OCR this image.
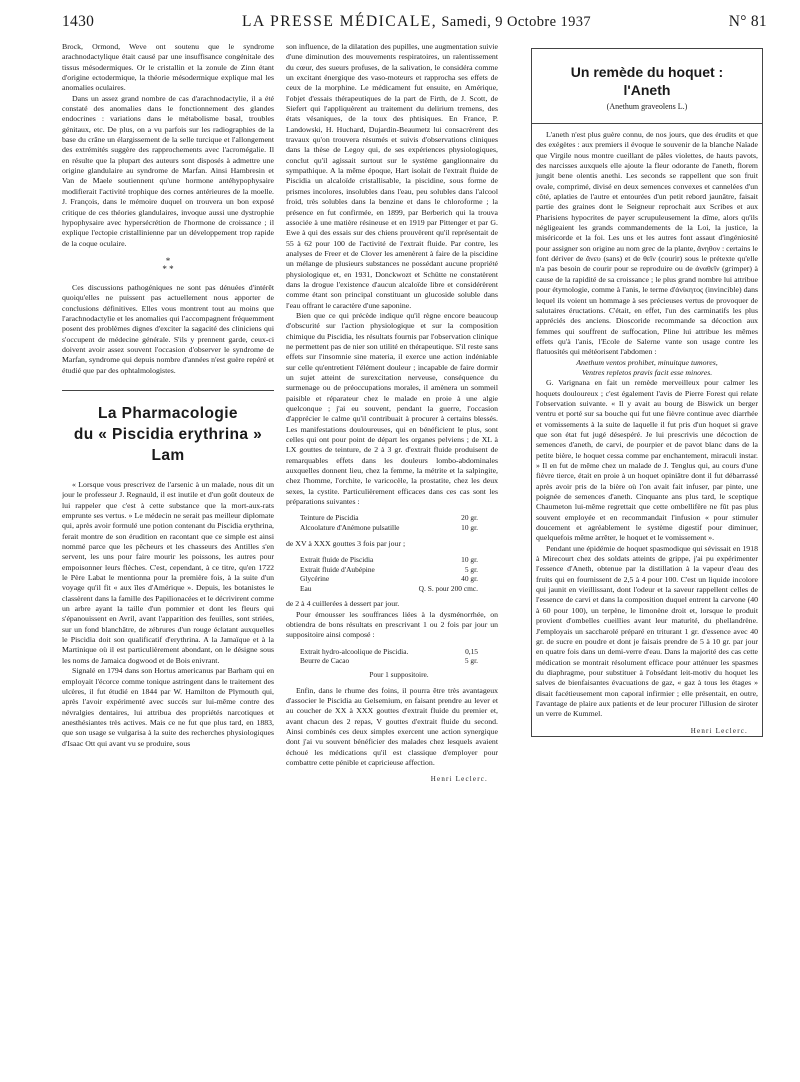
1430	LA PRESSE MÉDICALE, Samedi, 9 Octobre 1937	N° 81

Brock, Ormond, Weve ont soutenu que le syndrome arachnodactylique était causé par une insuffisance congénitale des tissus mésodermiques. Or le cristallin et la zonule de Zinn étant d'origine ectodermique, la théorie mésodermique explique mal les anomalies oculaires.

Dans un assez grand nombre de cas d'arachnodactylie, il a été constaté des anomalies dans le fonctionnement des glandes endocrines : variations dans le métabolisme basal, troubles génitaux, etc. De plus, on a vu parfois sur les radiographies de la base du crâne un élargissement de la selle turcique et l'allongement des extrémités suggère des rapprochements avec l'acromégalie. Il en résulte que la plupart des auteurs sont disposés à admettre une origine glandulaire au syndrome de Marfan. Ainsi Hambresin et Van de Maele soutiennent qu'une hormone antéhypophysaire modifierait l'activité trophique des cornes antérieures de la moelle. J. François, dans le mémoire duquel on trouvera un bon exposé critique de ces théories glandulaires, invoque aussi une dystrophie hypophysaire avec hypersécrétion de l'hormone de croissance ; il explique l'ectopie cristallinienne par un développement trop rapide de la coque oculaire.

*
* *

Ces discussions pathogéniques ne sont pas dénuées d'intérêt quoiqu'elles ne puissent pas actuellement nous apporter de conclusions définitives. Elles vous montrent tout au moins que l'arachnodactylie et les anomalies qui l'accompagnent fréquemment posent des problèmes dignes d'exciter la sagacité des cliniciens qui s'occupent de médecine générale. S'ils y prennent garde, ceux-ci doivent avoir assez souvent l'occasion d'observer le syndrome de Marfan, syndrome qui depuis nombre d'années n'est guère repéré et étudié que par des ophtalmologistes.

La Pharmacologie
du « Piscidia erythrina » Lam

« Lorsque vous prescrivez de l'arsenic à un malade, nous dit un jour le professeur J. Regnauld, il est inutile et d'un goût douteux de lui rappeler que c'est à cette substance que la mort-aux-rats emprunte ses vertus. » Le médecin ne serait pas meilleur diplomate qui, après avoir formulé une potion contenant du Piscidia erythrina, ferait montre de son érudition en racontant que ce simple est ainsi nommé parce que les pêcheurs et les chasseurs des Antilles s'en servent, les uns pour faire mourir les poissons, les autres pour empoisonner leurs flèches. C'est, cependant, à ce titre, qu'en 1722 le Père Labat le mentionna pour la première fois, à la suite d'un voyage qu'il fit « aux îles d'Amérique ». Depuis, les botanistes le classèrent dans la famille des Papilionacées et le décrivirent comme un arbre ayant la taille d'un pommier et dont les fleurs qui s'épanouissent en Avril, avant l'apparition des feuilles, sont striées, sur un fond blanchâtre, de zébrures d'un rouge éclatant auxquelles le Piscidia doit son qualificatif d'erythrina. A la Jamaïque et à la Martinique où il est particulièrement abondant, on le désigne sous les noms de Jamaica dogwood et de Bois enivrant.

Signalé en 1794 dans son Hortus americanus par Barham qui en employait l'écorce comme tonique astringent dans le traitement des ulcères, il fut étudié en 1844 par W. Hamilton de Plymouth qui, après l'avoir expérimenté avec succès sur lui-même contre des névralgies dentaires, lui attribua des propriétés narcotiques et anesthésiantes très actives. Mais ce ne fut que plus tard, en 1883, que son usage se vulgarisa à la suite des recherches physiologiques d'Isaac Ott qui avant vu se produire, sous

son influence, de la dilatation des pupilles, une augmentation suivie d'une diminution des mouvements respiratoires, un ralentissement du cœur, des sueurs profuses, de la salivation, le considéra comme un excitant énergique des vaso-moteurs et rapprocha ses effets de ceux de la morphine. Le médicament fut ensuite, en Amérique, l'objet d'essais thérapeutiques de la part de Firth, de J. Scott, de Siefert qui l'appliquèrent au traitement du delirium tremens, des états vésaniques, de la toux des phtisiques. En France, P. Landowski, H. Huchard, Dujardin-Beaumetz lui consacrèrent des travaux qu'on trouvera résumés et suivis d'observations cliniques dans la thèse de Legoy qui, de ses expériences physiologiques, conclut qu'il agissait surtout sur le système ganglionnaire du sympathique. A la même époque, Hart isolait de l'extrait fluide de Piscidia un alcaloïde cristallisable, la piscidine, sous forme de prismes incolores, insolubles dans l'eau, peu solubles dans l'alcool froid, très solubles dans la benzine et dans le chloroforme ; la présence en fut confirmée, en 1899, par Berberich qui la trouva associée à une matière résineuse et en 1919 par Pittenger et par G. Ewe à qui des essais sur des chiens prouvèrent qu'il représentait de 55 à 62 pour 100 de l'activité de l'extrait fluide. Par contre, les analyses de Freer et de Clover les amenèrent à faire de la piscidine un mélange de plusieurs substances ne possédant aucune propriété physiologique et, en 1931, Donckwozt et Schütte ne constatèrent dans la drogue l'existence d'aucun alcaloïde libre et considérèrent comme étant son principal constituant un glucoside soluble dans l'eau offrant le caractère d'une saponine.

Bien que ce qui précède indique qu'il règne encore beaucoup d'obscurité sur l'action physiologique et sur la composition chimique du Piscidia, les résultats fournis par l'observation clinique ne permettent pas de nier son utilité en thérapeutique. S'il reste sans effets sur l'insomnie sine materia, il exerce une action indéniable sur celle qu'entretient l'élément douleur ; incapable de faire dormir un sujet atteint de surexcitation nerveuse, conséquence du surmenage ou de préoccupations morales, il amènera un sommeil paisible et réparateur chez le malade en proie à une algie quelconque ; j'ai eu souvent, pendant la guerre, l'occasion d'apprécier le calme qu'il contribuait à procurer à certains blessés. Les manifestations douloureuses, qui en bénéficient le plus, sont celles qui ont pour point de départ les organes pelviens ; de XL à LX gouttes de teinture, de 2 à 3 gr. d'extrait fluide produisent de remarquables effets dans les douleurs lombo-abdominales auxquelles donnent lieu, chez la femme, la métrite et la salpingite, chez l'homme, l'orchite, le varicocèle, la prostatite, chez les deux sexes, la cystite. Particulièrement efficaces dans ces cas sont les préparations suivantes :

Teinture de Piscidia	20 gr.
Alcoolature d'Anémone pulsatille	10 gr.

de XV à XXX gouttes 3 fois par jour ;

Extrait fluide de Piscidia	10 gr.
Extrait fluide d'Aubépine	5 gr.
Glycérine	40 gr.
Eau	Q. S. pour 200 cmc.

de 2 à 4 cuillerées à dessert par jour.

Pour émousser les souffrances liées à la dysménorrhée, on obtiendra de bons résultats en prescrivant 1 ou 2 fois par jour un suppositoire ainsi composé :

Extrait hydro-alcoolique de Piscidia.	0,15
Beurre de Cacao	5 gr.
Pour 1 suppositoire.

Enfin, dans le rhume des foins, il pourra être très avantageux d'associer le Piscidia au Gelsemium, en faisant prendre au lever et au coucher de XX à XXX gouttes d'extrait fluide du premier et, avant chacun des 2 repas, V gouttes d'extrait fluide du second. Ainsi combinés ces deux simples exercent une action synergique dont j'ai vu souvent bénéficier des malades chez lesquels avaient échoué les médications qu'il est classique d'employer pour combattre cette pénible et capricieuse affection.

Henri Leclerc.
Un remède du hoquet :
l'Aneth
(Anethum graveolens L.)

L'aneth n'est plus guère connu, de nos jours, que des érudits et que des exégètes : aux premiers il évoque le souvenir de la blanche Naïade que Virgile nous montre cueillant de pâles violettes, de hauts pavots, des narcisses auxquels elle ajoute la fleur odorante de l'aneth, florem jungit bene olentis anethi. Les seconds se rappellent que son fruit ovale, comprimé, divisé en deux semences convexes et cannelées d'un côté, aplaties de l'autre et entourées d'un petit rebord jaunâtre, faisait partie des graines dont le Seigneur reprochait aux Scribes et aux Pharisiens hypocrites de payer scrupuleusement la dîme, alors qu'ils négligeaient les grands commandements de la Loi, la justice, la miséricorde et la foi. Les uns et les autres font assaut d'ingéniosité pour assigner son origine au nom grec de la plante, ἄνηθον : certains le font dériver de ἄνευ (sans) et de θεῖν (courir) sous le prétexte qu'elle n'a pas besoin de courir pour se reproduire ou de ἀναθεῖν (grimper) à cause de la rapidité de sa croissance ; le plus grand nombre lui attribue pour étymologie, comme à l'anis, le terme d'ἀνίκητος (invincible) dans lequel ils voient un hommage à ses précieuses vertus de provoquer de salutaires éructations. C'était, en effet, l'un des carminatifs les plus appréciés des anciens. Dioscoride recommande sa décoction aux femmes qui souffrent de suffocation, Pline lui attribue les mêmes effets qu'à l'anis, l'Ecole de Salerne vante son usage contre les flatuosités qui météorisent l'abdomen :

Anethum ventos prohibet, minuitque tumores,

Ventres repletos pravis facit esse minores.

G. Varignana en fait un remède merveilleux pour calmer les hoquets douloureux ; c'est également l'avis de Pierre Forest qui relate l'observation suivante. « Il y avait au bourg de Biswick un berger ventru et porté sur sa bouche qui fut une fièvre continue avec diarrhée et vomissements à la suite de laquelle il fut pris d'un hoquet si grave que son état fut jugé désespéré. Je lui prescrivis une décoction de semences d'aneth, de carvi, de pourpier et de pavot blanc dans de la petite bière, le hoquet cessa comme par enchantement, miraculi instar. » Il en fut de même chez un malade de J. Tenglus qui, au cours d'une fièvre tierce, était en proie à un hoquet opiniâtre dont il fut débarrassé après avoir pris de la bière où l'on avait fait infuser, par pinte, une poignée de semences d'aneth. Cinquante ans plus tard, le sceptique Chaumeton lui-même regrettait que cette ombellifère ne fût pas plus souvent employée et en recommandait l'infusion « pour stimuler doucement et agréablement le système digestif pour diminuer, quelquefois même arrêter, le hoquet et le vomissement ».

Pendant une épidémie de hoquet spasmodique qui sévissait en 1918 à Mirecourt chez des soldats atteints de grippe, j'ai pu expérimenter l'essence d'Aneth, obtenue par la distillation à la vapeur d'eau des fruits qui en fournissent de 2,5 à 4 pour 100. C'est un liquide incolore qui jaunit en vieillissant, dont l'odeur et la saveur rappellent celles de l'essence de carvi et dans la composition duquel entrent la carvone (40 à 60 pour 100), un terpène, le limonène droit et, lorsque le produit provient d'ombelles cueillies avant leur maturité, du phellandrène. J'employais un saccharolé préparé en triturant 1 gr. d'essence avec 40 gr. de sucre en poudre et dont je faisais prendre de 5 à 10 gr. par jour en quatre fois dans un demi-verre d'eau. Dans la majorité des cas cette médication se montrait résolument efficace pour atténuer les spasmes du diaphragme, pour substituer à l'obsédant leit-motiv du hoquet les salves de bienfaisantes évacuations de gaz, « gaz à tous les étages » disait facétieusement mon caporal infirmier ; elle présentait, en outre, l'avantage de plaire aux patients et de leur procurer l'illusion de siroter un verre de Kummel.

Henri Leclerc.
